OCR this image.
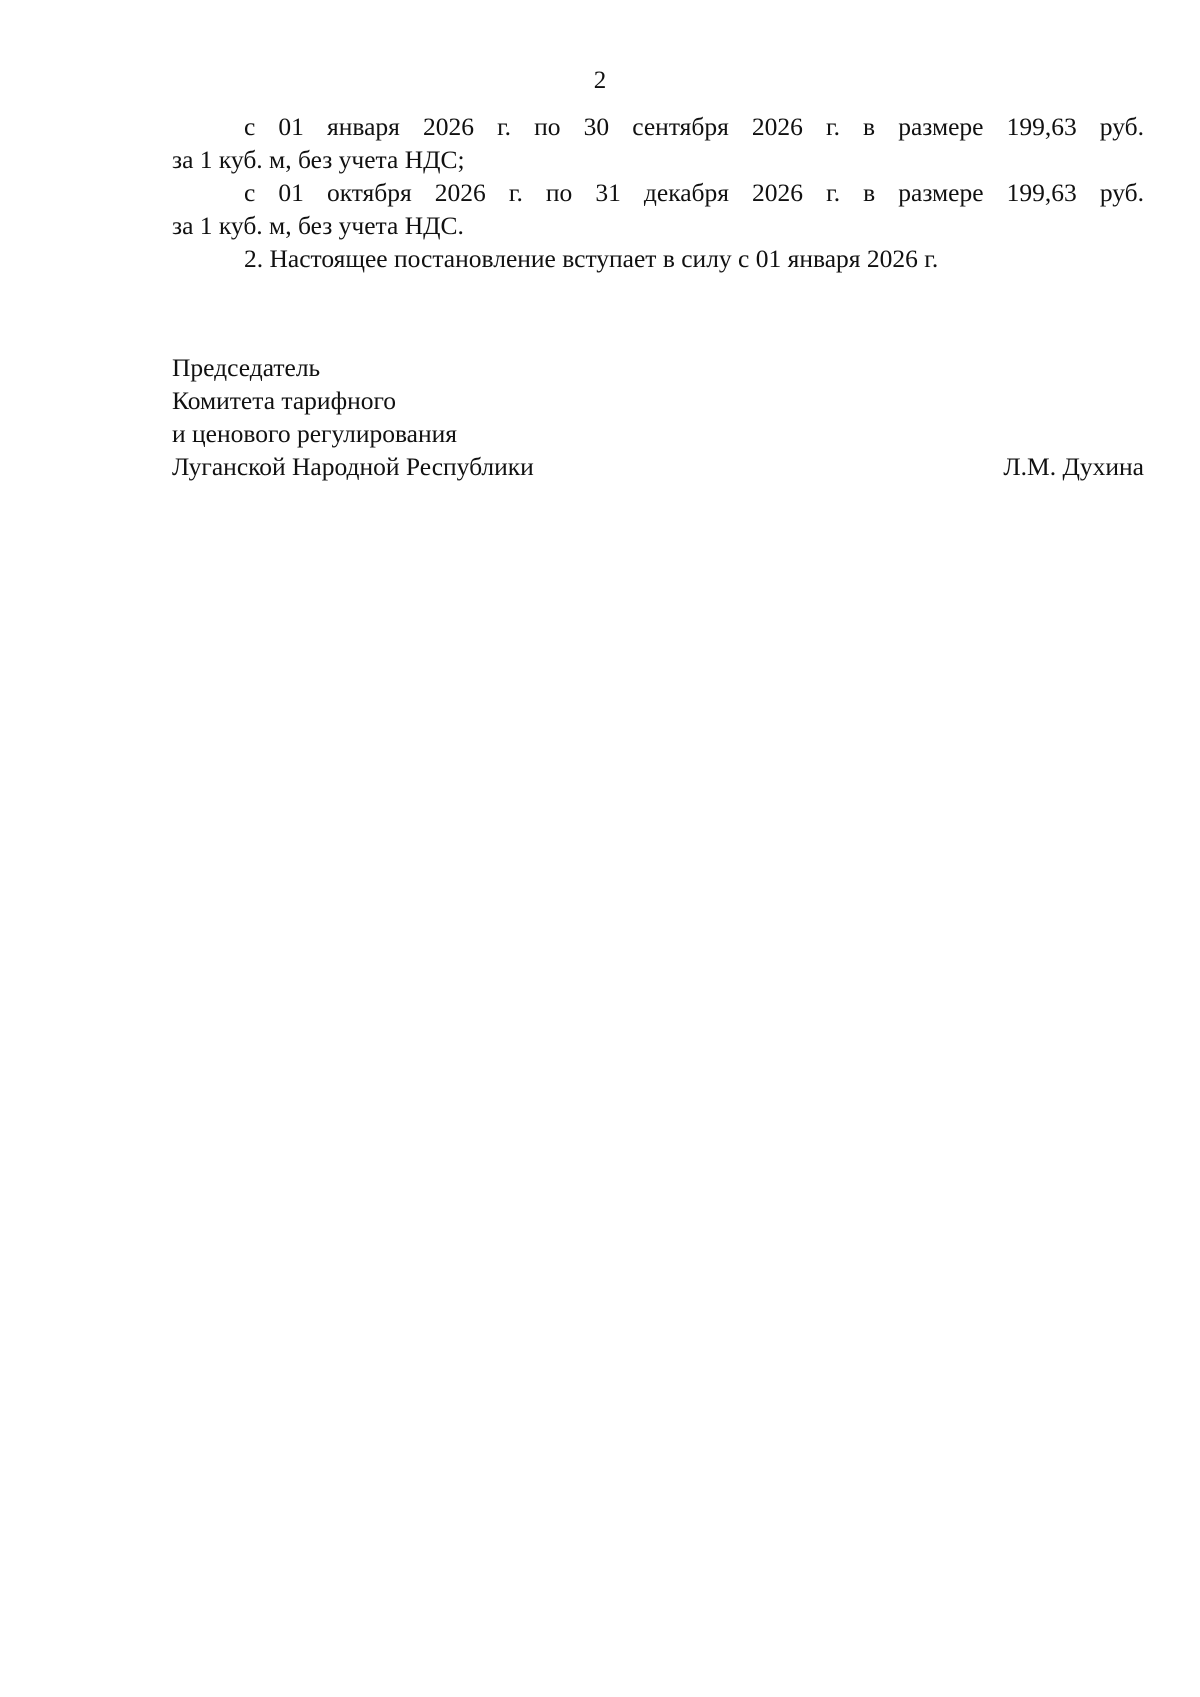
2

с 01 января 2026 г. по 30 сентября 2026 г. в размере 199,63 руб.
за 1 куб. м, без учета НДС;

с 01 октября 2026 г. по 31 декабря 2026 г. в размере 199,63 руб.
за 1 куб. м, без учета НДС.

2. Настоящее постановление вступает в силу с 01 января 2026 г.

Председатель
Комитета тарифного
и ценового регулирования
Луганской Народной Республики	Л.М. Духина
